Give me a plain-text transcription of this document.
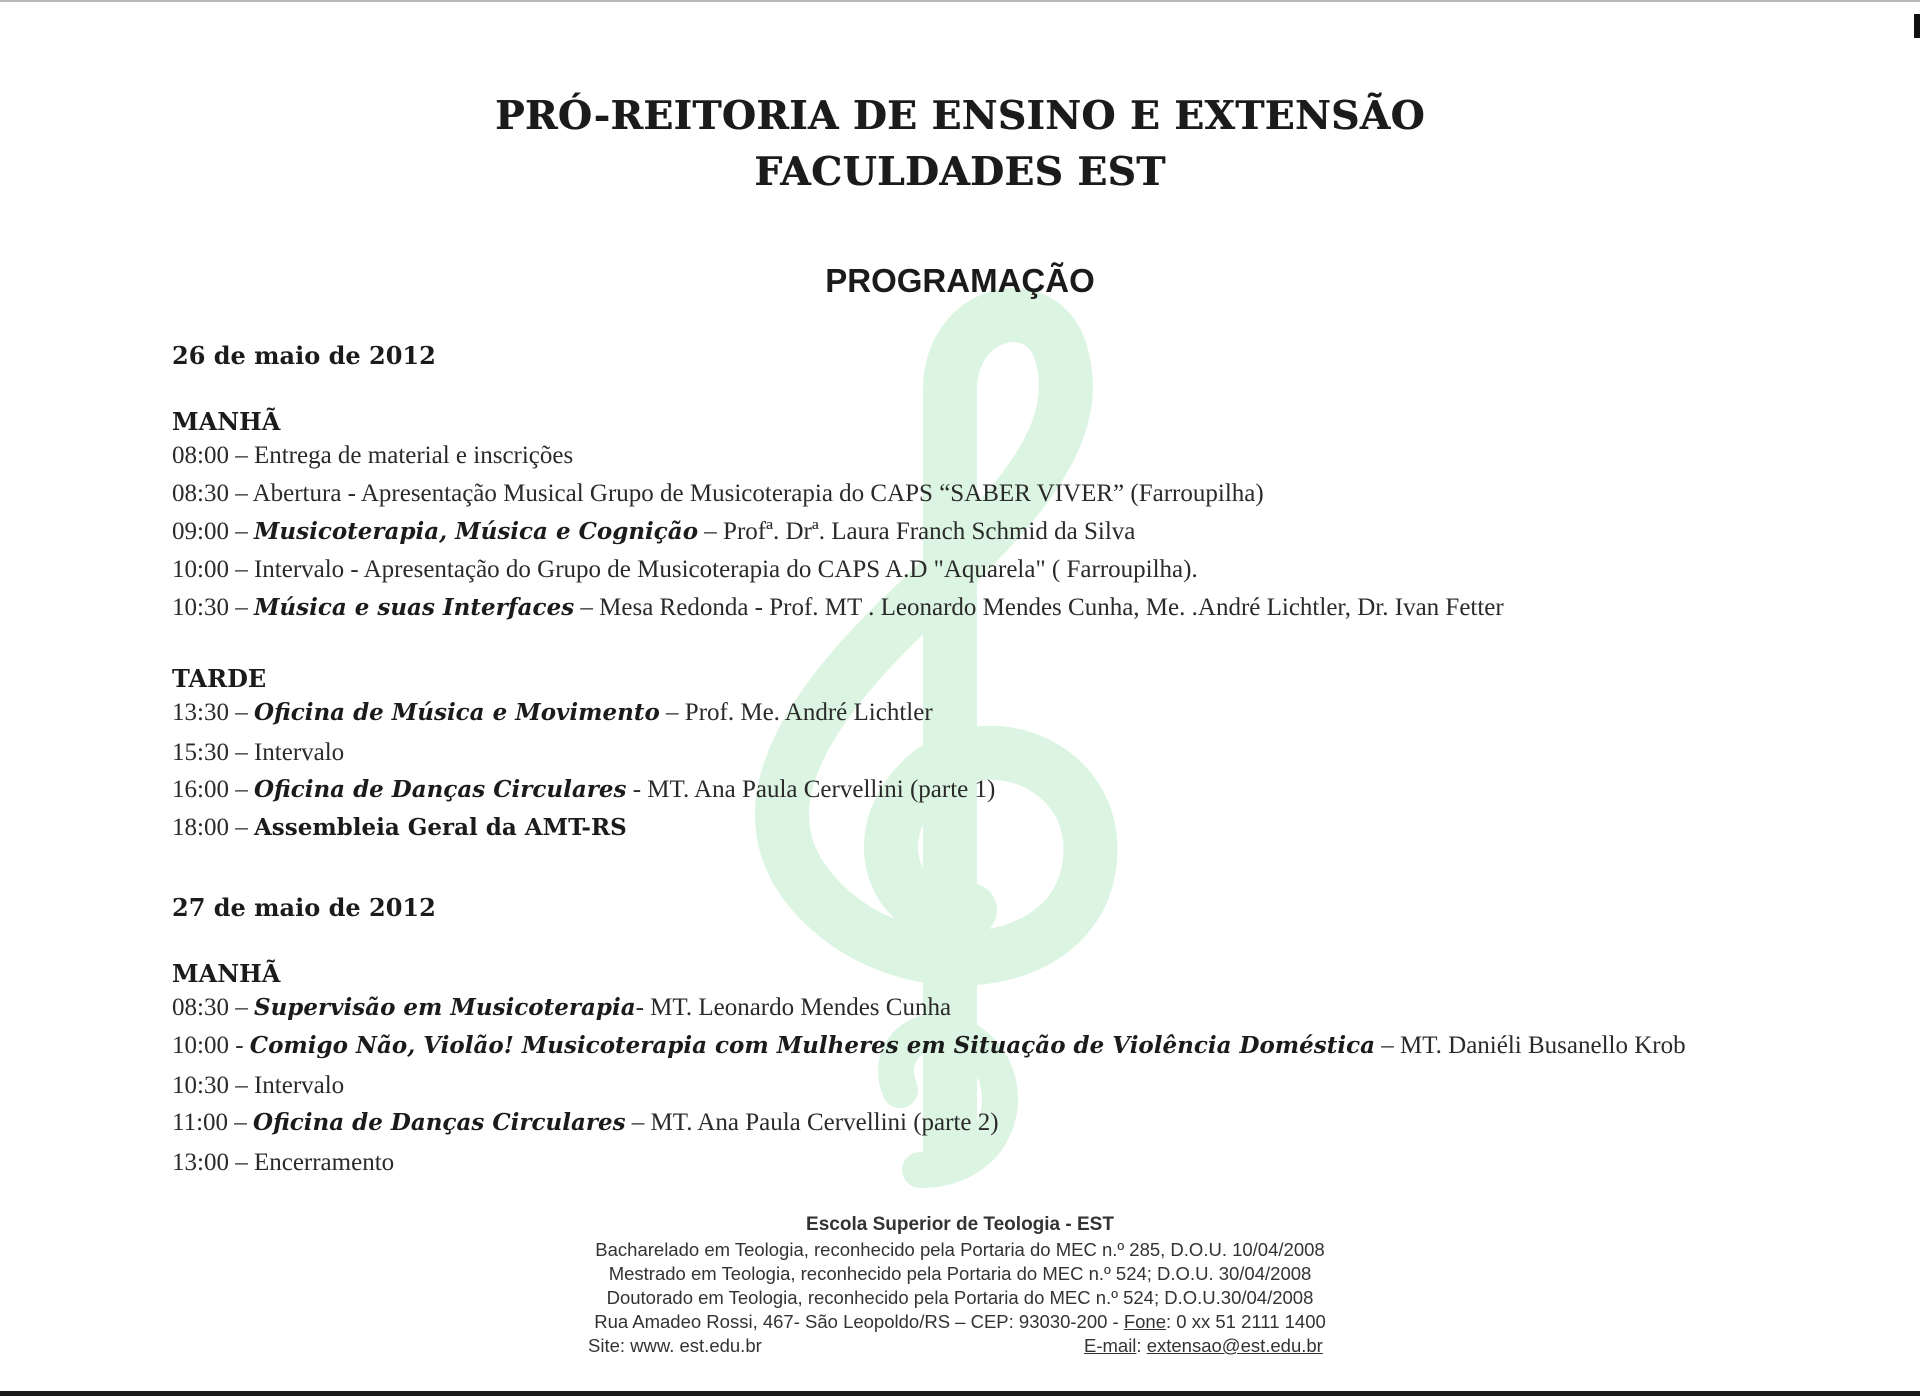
PRÓ-REITORIA DE ENSINO E EXTENSÃO
FACULDADES EST
PROGRAMAÇÃO
26 de maio de 2012
MANHÃ
08:00 – Entrega de material e inscrições
08:30 – Abertura - Apresentação Musical Grupo de Musicoterapia do CAPS “SABER VIVER” (Farroupilha)
09:00 – Musicoterapia, Música e Cognição – Profª. Drª. Laura Franch Schmid da Silva
10:00 – Intervalo - Apresentação do Grupo de Musicoterapia do CAPS A.D "Aquarela" ( Farroupilha).
10:30 – Música e suas Interfaces – Mesa Redonda - Prof. MT . Leonardo Mendes Cunha, Me. .André Lichtler, Dr. Ivan Fetter
TARDE
13:30 – Oficina de Música e Movimento – Prof. Me. André Lichtler
15:30 – Intervalo
16:00 – Oficina de Danças Circulares - MT. Ana Paula Cervellini (parte 1)
18:00 – Assembleia Geral da AMT-RS
27 de maio de 2012
MANHÃ
08:30 – Supervisão em Musicoterapia- MT. Leonardo Mendes Cunha
10:00 - Comigo Não, Violão! Musicoterapia com Mulheres em Situação de Violência Doméstica – MT. Daniéli Busanello Krob
10:30 – Intervalo
11:00 – Oficina de Danças Circulares – MT. Ana Paula Cervellini (parte 2)
13:00 – Encerramento
Escola Superior de Teologia - EST
Bacharelado em Teologia, reconhecido pela Portaria do MEC n.º 285, D.O.U. 10/04/2008
Mestrado em Teologia, reconhecido pela Portaria do MEC n.º 524; D.O.U. 30/04/2008
Doutorado em Teologia, reconhecido pela Portaria do MEC n.º 524; D.O.U.30/04/2008
Rua Amadeo Rossi, 467- São Leopoldo/RS – CEP: 93030-200 - Fone: 0 xx 51 2111 1400
Site: www. est.edu.br	E-mail: extensao@est.edu.br
